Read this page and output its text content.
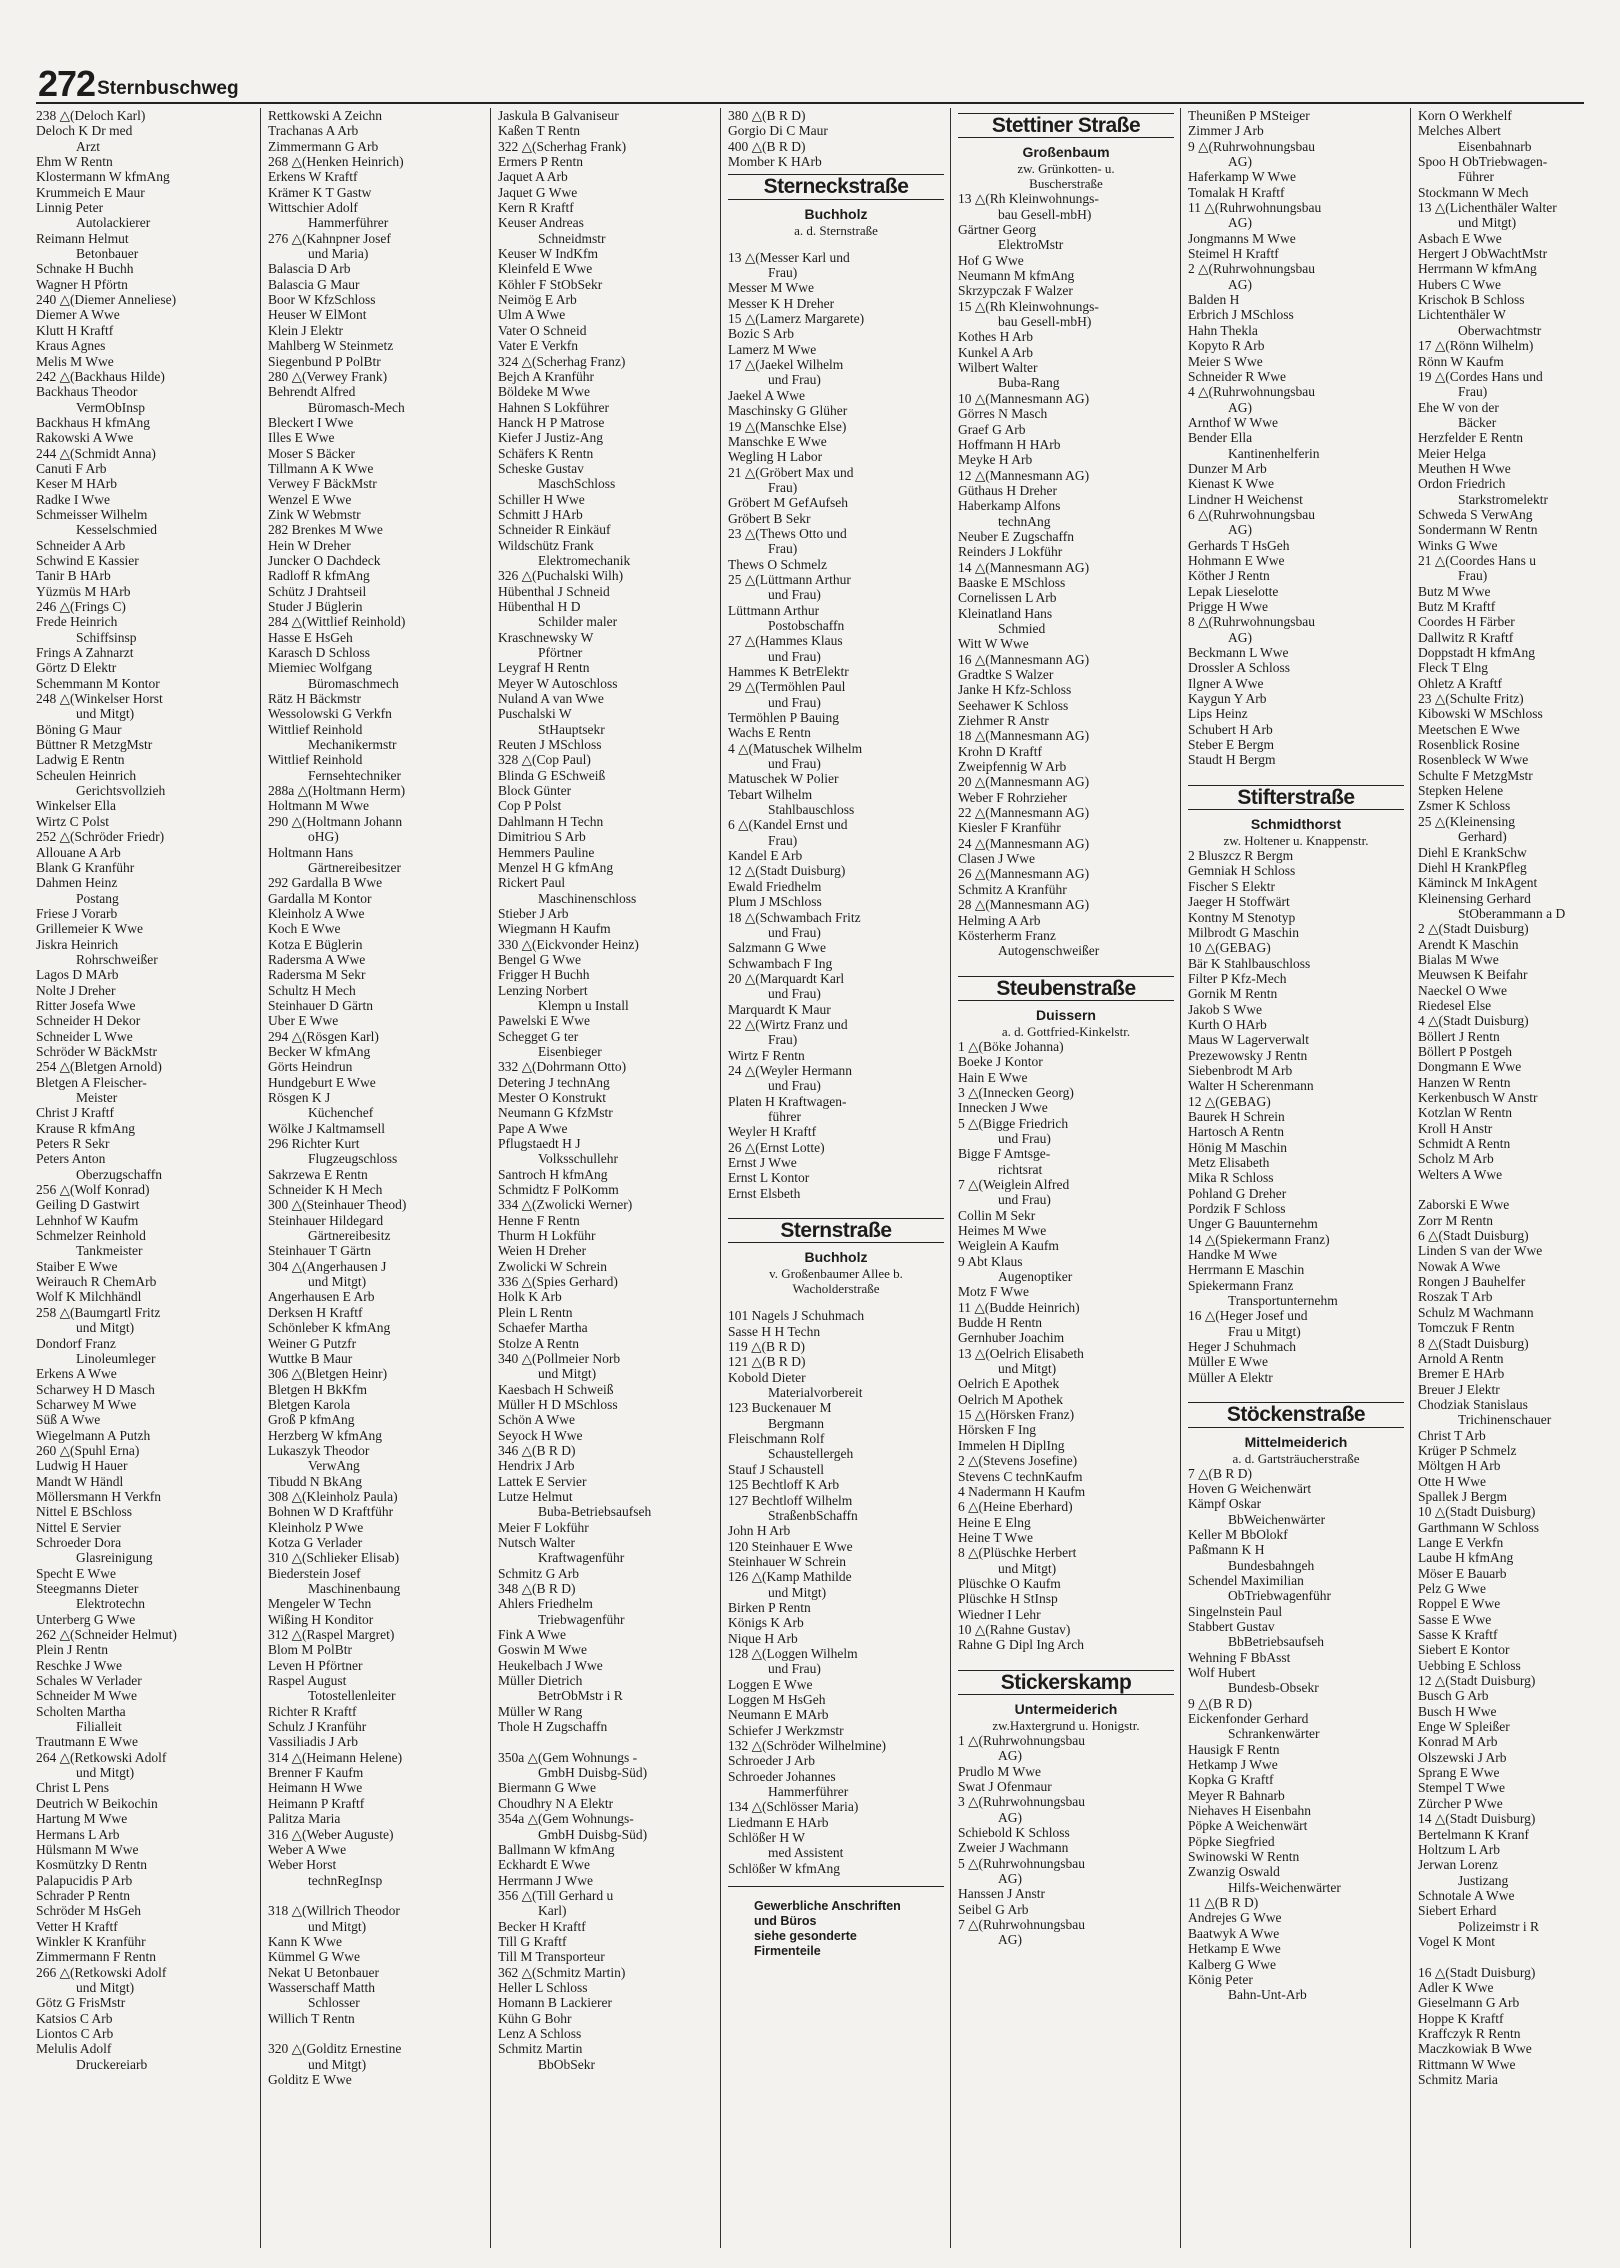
272 Sternbuschweg
238 △(Deloch Karl)
Deloch K Dr med
Arzt
Ehm W Rentn
Klostermann W kfmAng
Krummeich E Maur
Linnig Peter
Autolackierer
Reimann Helmut
Betonbauer
Schnake H Buchh
Wagner H Pförtn
240 △(Diemer Anneliese)
Diemer A Wwe
Klutt H Kraftf
Kraus Agnes
Melis M Wwe
242 △(Backhaus Hilde)
Backhaus Theodor
VermObInsp
Backhaus H kfmAng
Rakowski A Wwe
244 △(Schmidt Anna)
Canuti F Arb
Keser M HArb
Radke I Wwe
Schmeisser Wilhelm
Kesselschmied
Schneider A Arb
Schwind E Kassier
Tanir B HArb
Yüzmüs M HArb
246 △(Frings C)
Frede Heinrich
Schiffsinsp
Frings A Zahnarzt
Görtz D Elektr
Schemmann M Kontor
248 △(Winkelser Horst
und Mitgt)
Böning G Maur
Büttner R MetzgMstr
Ladwig E Rentn
Scheulen Heinrich
Gerichtsvollzieh
Winkelser Ella
Wirtz C Polst
252 △(Schröder Friedr)
Allouane A Arb
Blank G Kranführ
Dahmen Heinz
Postang
Friese J Vorarb
Grillemeier K Wwe
Jiskra Heinrich
Rohrschweißer
Lagos D MArb
Nolte J Dreher
Ritter Josefa Wwe
Schneider H Dekor
Schneider L Wwe
Schröder W BäckMstr
254 △(Bletgen Arnold)
Bletgen A Fleischer-
Meister
Christ J Kraftf
Krause R kfmAng
Peters R Sekr
Peters Anton
Oberzugschaffn
256 △(Wolf Konrad)
Geiling D Gastwirt
Lehnhof W Kaufm
Schmelzer Reinhold
Tankmeister
Staiber E Wwe
Weirauch R ChemArb
Wolf K Milchhändl
258 △(Baumgartl Fritz
und Mitgt)
Dondorf Franz
Linoleumleger
Erkens A Wwe
Scharwey H D Masch
Scharwey M Wwe
Süß A Wwe
Wiegelmann A Putzh
260 △(Spuhl Erna)
Ludwig H Hauer
Mandt W Händl
Möllersmann H Verkfn
Nittel E BSchloss
Nittel E Servier
Schroeder Dora
Glasreinigung
Specht E Wwe
Steegmanns Dieter
Elektrotechn
Unterberg G Wwe
262 △(Schneider Helmut)
Plein J Rentn
Reschke J Wwe
Schales W Verlader
Schneider M Wwe
Scholten Martha
Filialleit
Trautmann E Wwe
264 △(Retkowski Adolf
und Mitgt)
Christ L Pens
Deutrich W Beikochin
Hartung M Wwe
Hermans L Arb
Hülsmann M Wwe
Kosmützky D Rentn
Palapucidis P Arb
Schrader P Rentn
Schröder M HsGeh
Vetter H Kraftf
Winkler K Kranführ
Zimmermann F Rentn
266 △(Retkowski Adolf
und Mitgt)
Götz G FrisMstr
Katsios C Arb
Liontos C Arb
Melulis Adolf
Druckereiarb
Rettkowski A Zeichn
Trachanas A Arb
Zimmermann G Arb
268 △(Henken Heinrich)
Erkens W Kraftf
Krämer K T Gastw
Wittschier Adolf
Hammerführer
276 △(Kahnpner Josef
und Maria)
Balascia D Arb
Balascia G Maur
Boor W KfzSchloss
Heuser W ElMont
Klein J Elektr
Mahlberg W Steinmetz
Siegenbund P PolBtr
280 △(Verwey Frank)
Behrendt Alfred
Büromasch-Mech
Bleckert I Wwe
Illes E Wwe
Moser S Bäcker
Tillmann A K Wwe
Verwey F BäckMstr
Wenzel E Wwe
Zink W Webmstr
282 Brenkes M Wwe
Hein W Dreher
Juncker O Dachdeck
Radloff R kfmAng
Schütz J Drahtseil
Studer J Büglerin
284 △(Wittlief Reinhold)
Hasse E HsGeh
Karasch D Schloss
Miemiec Wolfgang
Büromaschmech
Rätz H Bäckmstr
Wessolowski G Verkfn
Wittlief Reinhold
Mechanikermstr
Wittlief Reinhold
Fernsehtechniker
288a △(Holtmann Herm)
Holtmann M Wwe
290 △(Holtmann Johann
oHG)
Holtmann Hans
Gärtnereibesitzer
292 Gardalla B Wwe
Gardalla M Kontor
Kleinholz A Wwe
Koch E Wwe
Kotza E Büglerin
Radersma A Wwe
Radersma M Sekr
Schultz H Mech
Steinhauer D Gärtn
Uber E Wwe
294 △(Rösgen Karl)
Becker W kfmAng
Görts Heindrun
Hundgeburt E Wwe
Rösgen K J
Küchenchef
Wölke J Kaltmamsell
296 Richter Kurt
Flugzeugschloss
Sakrzewa E Rentn
Schneider K H Mech
300 △(Steinhauer Theod)
Steinhauer Hildegard
Gärtnereibesitz
Steinhauer T Gärtn
304 △(Angerhausen J
und Mitgt)
Angerhausen E Arb
Derksen H Kraftf
Schönleber K kfmAng
Weiner G Putzfr
Wuttke B Maur
306 △(Bletgen Heinr)
Bletgen H BkKfm
Bletgen Karola
Groß P kfmAng
Herzberg W kfmAng
Lukaszyk Theodor
VerwAng
Tibudd N BkAng
308 △(Kleinholz Paula)
Bohnen W D Kraftführ
Kleinholz P Wwe
Kotza G Verlader
310 △(Schlieker Elisab)
Biederstein Josef
Maschinenbaung
Mengeler W Techn
Wißing H Konditor
312 △(Raspel Margret)
Blom M PolBtr
Leven H Pförtner
Raspel August
Totostellenleiter
Richter R Kraftf
Schulz J Kranführ
Vassiliadis J Arb
314 △(Heimann Helene)
Brenner F Kaufm
Heimann H Wwe
Heimann P Kraftf
Palitza Maria
316 △(Weber Auguste)
Weber A Wwe
Weber Horst
technRegInsp

318 △(Willrich Theodor
und Mitgt)
Kann K Wwe
Kümmel G Wwe
Nekat U Betonbauer
Wasserschaff Matth
Schlosser
Willich T Rentn

320 △(Golditz Ernestine
und Mitgt)
Golditz E Wwe
Jaskula B Galvaniseur
Kaßen T Rentn
322 △(Scherhag Frank)
Ermers P Rentn
Jaquet A Arb
Jaquet G Wwe
Kern R Kraftf
Keuser Andreas
Schneidmstr
Keuser W IndKfm
Kleinfeld E Wwe
Köhler F StObSekr
Neimög E Arb
Ulm A Wwe
Vater O Schneid
Vater E Verkfn
324 △(Scherhag Franz)
Bejch A Kranführ
Böldeke M Wwe
Hahnen S Lokführer
Hanck H P Matrose
Kiefer J Justiz-Ang
Schäfers K Rentn
Scheske Gustav
MaschSchloss
Schiller H Wwe
Schmitt J HArb
Schneider R Einkäuf
Wildschütz Frank
Elektromechanik
326 △(Puchalski Wilh)
Hübenthal J Schneid
Hübenthal H D
Schilder maler
Kraschnewsky W
Pförtner
Leygraf H Rentn
Meyer W Autoschloss
Nuland A van Wwe
Puschalski W
StHauptsekr
Reuten J MSchloss
328 △(Cop Paul)
Blinda G ESchweiß
Block Günter
Cop P Polst
Dahlmann H Techn
Dimitriou S Arb
Hemmers Pauline
Menzel H G kfmAng
Rickert Paul
Maschinenschloss
Stieber J Arb
Wiegmann H Kaufm
330 △(Eickvonder Heinz)
Bengel G Wwe
Frigger H Buchh
Lenzing Norbert
Klempn u Install
Pawelski E Wwe
Schegget G ter
Eisenbieger
332 △(Dohrmann Otto)
Detering J technAng
Mester O Konstrukt
Neumann G KfzMstr
Pape A Wwe
Pflugstaedt H J
Volksschullehr
Santroch H kfmAng
Schmidtz F PolKomm
334 △(Zwolicki Werner)
Henne F Rentn
Thurm H Lokführ
Weien H Dreher
Zwolicki W Schrein
336 △(Spies Gerhard)
Holk K Arb
Plein L Rentn
Schaefer Martha
Stolze A Rentn
340 △(Pollmeier Norb
und Mitgt)
Kaesbach H Schweiß
Müller H D MSchloss
Schön A Wwe
Seyock H Wwe
346 △(B R D)
Hendrix J Arb
Lattek E Servier
Lutze Helmut
Buba-Betriebsaufseh
Meier F Lokführ
Nutsch Walter
Kraftwagenführ
Schmitz G Arb
348 △(B R D)
Ahlers Friedhelm
Triebwagenführ
Fink A Wwe
Goswin M Wwe
Heukelbach J Wwe
Müller Dietrich
BetrObMstr i R
Müller W Rang
Thole H Zugschaffn

350a △(Gem Wohnungs -
GmbH Duisbg-Süd)
Biermann G Wwe
Choudhry N A Elektr
354a △(Gem Wohnungs-
GmbH Duisbg-Süd)
Ballmann W kfmAng
Eckhardt E Wwe
Herrmann J Wwe
356 △(Till Gerhard u
Karl)
Becker H Kraftf
Till G Kraftf
Till M Transporteur
362 △(Schmitz Martin)
Heller L Schloss
Homann B Lackierer
Kühn G Bohr
Lenz A Schloss
Schmitz Martin
BbObSekr
380 △(B R D)
Gorgio Di C Maur
400 △(B R D)
Momber K HArb
Sterneckstraße
Buchholz
a. d. Sternstraße
13 △(Messer Karl und
Frau)
Messer M Wwe
Messer K H Dreher
15 △(Lamerz Margarete)
Bozic S Arb
Lamerz M Wwe
17 △(Jaekel Wilhelm
und Frau)
Jaekel A Wwe
Maschinsky G Glüher
19 △(Manschke Else)
Manschke E Wwe
Wegling H Labor
21 △(Gröbert Max und
Frau)
Gröbert M GefAufseh
Gröbert B Sekr
23 △(Thews Otto und
Frau)
Thews O Schmelz
25 △(Lüttmann Arthur
und Frau)
Lüttmann Arthur
Postobschaffn
27 △(Hammes Klaus
und Frau)
Hammes K BetrElektr
29 △(Termöhlen Paul
und Frau)
Termöhlen P Bauing
Wachs E Rentn
4 △(Matuschek Wilhelm
und Frau)
Matuschek W Polier
Tebart Wilhelm
Stahlbauschloss
6 △(Kandel Ernst und
Frau)
Kandel E Arb
12 △(Stadt Duisburg)
Ewald Friedhelm
Plum J MSchloss
18 △(Schwambach Fritz
und Frau)
Salzmann G Wwe
Schwambach F Ing
20 △(Marquardt Karl
und Frau)
Marquardt K Maur
22 △(Wirtz Franz und
Frau)
Wirtz F Rentn
24 △(Weyler Hermann
und Frau)
Platen H Kraftwagen-
führer
Weyler H Kraftf
26 △(Ernst Lotte)
Ernst J Wwe
Ernst L Kontor
Ernst Elsbeth
Sternstraße
Buchholz
v. Großenbaumer Allee b.
Wacholderstraße
101 Nagels J Schuhmach
Sasse H H Techn
119 △(B R D)
121 △(B R D)
Kobold Dieter
Materialvorbereit
123 Buckenauer M
Bergmann
Fleischmann Rolf
Schaustellergeh
Stauf J Schaustell
125 Bechtloff K Arb
127 Bechtloff Wilhelm
StraßenbSchaffn
John H Arb
120 Steinhauer E Wwe
Steinhauer W Schrein
126 △(Kamp Mathilde
und Mitgt)
Birken P Rentn
Königs K Arb
Nique H Arb
128 △(Loggen Wilhelm
und Frau)
Loggen E Wwe
Loggen M HsGeh
Neumann E MArb
Schiefer J Werkzmstr
132 △(Schröder Wilhelmine)
Schroeder J Arb
Schroeder Johannes
Hammerführer
134 △(Schlösser Maria)
Liedmann E HArb
Schlößer H W
med Assistent
Schlößer W kfmAng
Gewerbliche Anschriften
und Büros
siehe gesonderte
Firmenteile
Stettiner Straße
Großenbaum
zw. Grünkotten- u.
Buscherstraße
13 △(Rh Kleinwohnungs-
bau Gesell-mbH)
Gärtner Georg
ElektroMstr
Hof G Wwe
Neumann M kfmAng
Skrzypczak F Walzer
15 △(Rh Kleinwohnungs-
bau Gesell-mbH)
Kothes H Arb
Kunkel A Arb
Wilbert Walter
Buba-Rang
10 △(Mannesmann AG)
Görres N Masch
Graef G Arb
Hoffmann H HArb
Meyke H Arb
12 △(Mannesmann AG)
Güthaus H Dreher
Haberkamp Alfons
technAng
Neuber E Zugschaffn
Reinders J Lokführ
14 △(Mannesmann AG)
Baaske E MSchloss
Cornelissen L Arb
Kleinatland Hans
Schmied
Witt W Wwe
16 △(Mannesmann AG)
Gradtke S Walzer
Janke H Kfz-Schloss
Seehawer K Schloss
Ziehmer R Anstr
18 △(Mannesmann AG)
Krohn D Kraftf
Zweipfennig W Arb
20 △(Mannesmann AG)
Weber F Rohrzieher
22 △(Mannesmann AG)
Kiesler F Kranführ
24 △(Mannesmann AG)
Clasen J Wwe
26 △(Mannesmann AG)
Schmitz A Kranführ
28 △(Mannesmann AG)
Helming A Arb
Kösterherm Franz
Autogenschweißer
Steubenstraße
Duissern
a. d. Gottfried-Kinkelstr.
1 △(Böke Johanna)
Boeke J Kontor
Hain E Wwe
3 △(Innecken Georg)
Innecken J Wwe
5 △(Bigge Friedrich
und Frau)
Bigge F Amtsge-
richtsrat
7 △(Weiglein Alfred
und Frau)
Collin M Sekr
Heimes M Wwe
Weiglein A Kaufm
9 Abt Klaus
Augenoptiker
Motz F Wwe
11 △(Budde Heinrich)
Budde H Rentn
Gernhuber Joachim
13 △(Oelrich Elisabeth
und Mitgt)
Oelrich E Apothek
Oelrich M Apothek
15 △(Hörsken Franz)
Hörsken F Ing
Immelen H DiplIng
2 △(Stevens Josefine)
Stevens C technKaufm
4 Nadermann H Kaufm
6 △(Heine Eberhard)
Heine E Elng
Heine T Wwe
8 △(Plüschke Herbert
und Mitgt)
Plüschke O Kaufm
Plüschke H StInsp
Wiedner I Lehr
10 △(Rahne Gustav)
Rahne G Dipl Ing Arch
Stickerskamp
Untermeiderich
zw.Haxtergrund u. Honigstr.
1 △(Ruhrwohnungsbau
AG)
Prudlo M Wwe
Swat J Ofenmaur
3 △(Ruhrwohnungsbau
AG)
Schiebold K Schloss
Zweier J Wachmann
5 △(Ruhrwohnungsbau
AG)
Hanssen J Anstr
Seibel G Arb
7 △(Ruhrwohnungsbau
AG)
Theunißen P MSteiger
Zimmer J Arb
9 △(Ruhrwohnungsbau
AG)
Haferkamp W Wwe
Tomalak H Kraftf
11 △(Ruhrwohnungsbau
AG)
Jongmanns M Wwe
Steimel H Kraftf
2 △(Ruhrwohnungsbau
AG)
Balden H
Erbrich J MSchloss
Hahn Thekla
Kopyto R Arb
Meier S Wwe
Schneider R Wwe
4 △(Ruhrwohnungsbau
AG)
Arnthof W Wwe
Bender Ella
Kantinenhelferin
Dunzer M Arb
Kienast K Wwe
Lindner H Weichenst
6 △(Ruhrwohnungsbau
AG)
Gerhards T HsGeh
Hohmann E Wwe
Köther J Rentn
Lepak Lieselotte
Prigge H Wwe
8 △(Ruhrwohnungsbau
AG)
Beckmann L Wwe
Drossler A Schloss
Ilgner A Wwe
Kaygun Y Arb
Lips Heinz
Schubert H Arb
Steber E Bergm
Staudt H Bergm
Stifterstraße
Schmidthorst
zw. Holtener u. Knappenstr.
2 Bluszcz R Bergm
Gemniak H Schloss
Fischer S Elektr
Jaeger H Stoffwärt
Kontny M Stenotyp
Milbrodt G Maschin
10 △(GEBAG)
Bär K Stahlbauschloss
Filter P Kfz-Mech
Gornik M Rentn
Jakob S Wwe
Kurth O HArb
Maus W Lagerverwalt
Prezewowsky J Rentn
Siebenbrodt M Arb
Walter H Scherenmann
12 △(GEBAG)
Baurek H Schrein
Hartosch A Rentn
Hönig M Maschin
Metz Elisabeth
Mika R Schloss
Pohland G Dreher
Pordzik F Schloss
Unger G Bauunternehm
14 △(Spiekermann Franz)
Handke M Wwe
Herrmann E Maschin
Spiekermann Franz
Transportunternehm
16 △(Heger Josef und
Frau u Mitgt)
Heger J Schuhmach
Müller E Wwe
Müller A Elektr
Stöckenstraße
Mittelmeiderich
a. d. Gartsträucherstraße
7 △(B R D)
Hoven G Weichenwärt
Kämpf Oskar
BbWeichenwärter
Keller M BbOlokf
Paßmann K H
Bundesbahngeh
Schendel Maximilian
ObTriebwagenführ
Singelnstein Paul
Stabbert Gustav
BbBetriebsaufseh
Wehning F BbAsst
Wolf Hubert
Bundesb-Obsekr
9 △(B R D)
Eickenfonder Gerhard
Schrankenwärter
Hausigk F Rentn
Hetkamp J Wwe
Kopka G Kraftf
Meyer R Bahnarb
Niehaves H Eisenbahn
Pöpke A Weichenwärt
Pöpke Siegfried
Swinowski W Rentn
Zwanzig Oswald
Hilfs-Weichenwärter
11 △(B R D)
Andrejes G Wwe
Baatwyk A Wwe
Hetkamp E Wwe
Kalberg G Wwe
König Peter
Bahn-Unt-Arb
Korn O Werkhelf
Melches Albert
Eisenbahnarb
Spoo H ObTriebwagen-
Führer
Stockmann W Mech
13 △(Lichenthäler Walter
und Mitgt)
Asbach E Wwe
Hergert J ObWachtMstr
Herrmann W kfmAng
Hubers C Wwe
Krischok B Schloss
Lichtenthäler W
Oberwachtmstr
17 △(Rönn Wilhelm)
Rönn W Kaufm
19 △(Cordes Hans und
Frau)
Ehe W von der
Bäcker
Herzfelder E Rentn
Meier Helga
Meuthen H Wwe
Ordon Friedrich
Starkstromelektr
Schweda S VerwAng
Sondermann W Rentn
Winks G Wwe
21 △(Coordes Hans u
Frau)
Butz M Wwe
Butz M Kraftf
Coordes H Färber
Dallwitz R Kraftf
Doppstadt H kfmAng
Fleck T Elng
Ohletz A Kraftf
23 △(Schulte Fritz)
Kibowski W MSchloss
Meetschen E Wwe
Rosenblick Rosine
Rosenbleck W Wwe
Schulte F MetzgMstr
Stepken Helene
Zsmer K Schloss
25 △(Kleinensing
Gerhard)
Diehl E KrankSchw
Diehl H KrankPfleg
Käminck M InkAgent
Kleinensing Gerhard
StOberammann a D
2 △(Stadt Duisburg)
Arendt K Maschin
Bialas M Wwe
Meuwsen K Beifahr
Naeckel O Wwe
Riedesel Else
4 △(Stadt Duisburg)
Böllert J Rentn
Böllert P Postgeh
Dongmann E Wwe
Hanzen W Rentn
Kerkenbusch W Anstr
Kotzlan W Rentn
Kroll H Anstr
Schmidt A Rentn
Scholz M Arb
Welters A Wwe

Zaborski E Wwe
Zorr M Rentn
6 △(Stadt Duisburg)
Linden S van der Wwe
Nowak A Wwe
Rongen J Bauhelfer
Roszak T Arb
Schulz M Wachmann
Tomczuk F Rentn
8 △(Stadt Duisburg)
Arnold A Rentn
Bremer E HArb
Breuer J Elektr
Chodziak Stanislaus
Trichinenschauer
Christ T Arb
Krüger P Schmelz
Möltgen H Arb
Otte H Wwe
Spallek J Bergm
10 △(Stadt Duisburg)
Garthmann W Schloss
Lange E Verkfn
Laube H kfmAng
Möser E Bauarb
Pelz G Wwe
Roppel E Wwe
Sasse E Wwe
Sasse K Kraftf
Siebert E Kontor
Uebbing E Schloss
12 △(Stadt Duisburg)
Busch G Arb
Busch H Wwe
Enge W Spleißer
Konrad M Arb
Olszewski J Arb
Sprang E Wwe
Stempel T Wwe
Zürcher P Wwe
14 △(Stadt Duisburg)
Bertelmann K Kranf
Holtzum L Arb
Jerwan Lorenz
Justizang
Schnotale A Wwe
Siebert Erhard
Polizeimstr i R
Vogel K Mont

16 △(Stadt Duisburg)
Adler K Wwe
Gieselmann G Arb
Hoppe K Kraftf
Kraffczyk R Rentn
Maczkowiak B Wwe
Rittmann W Wwe
Schmitz Maria
